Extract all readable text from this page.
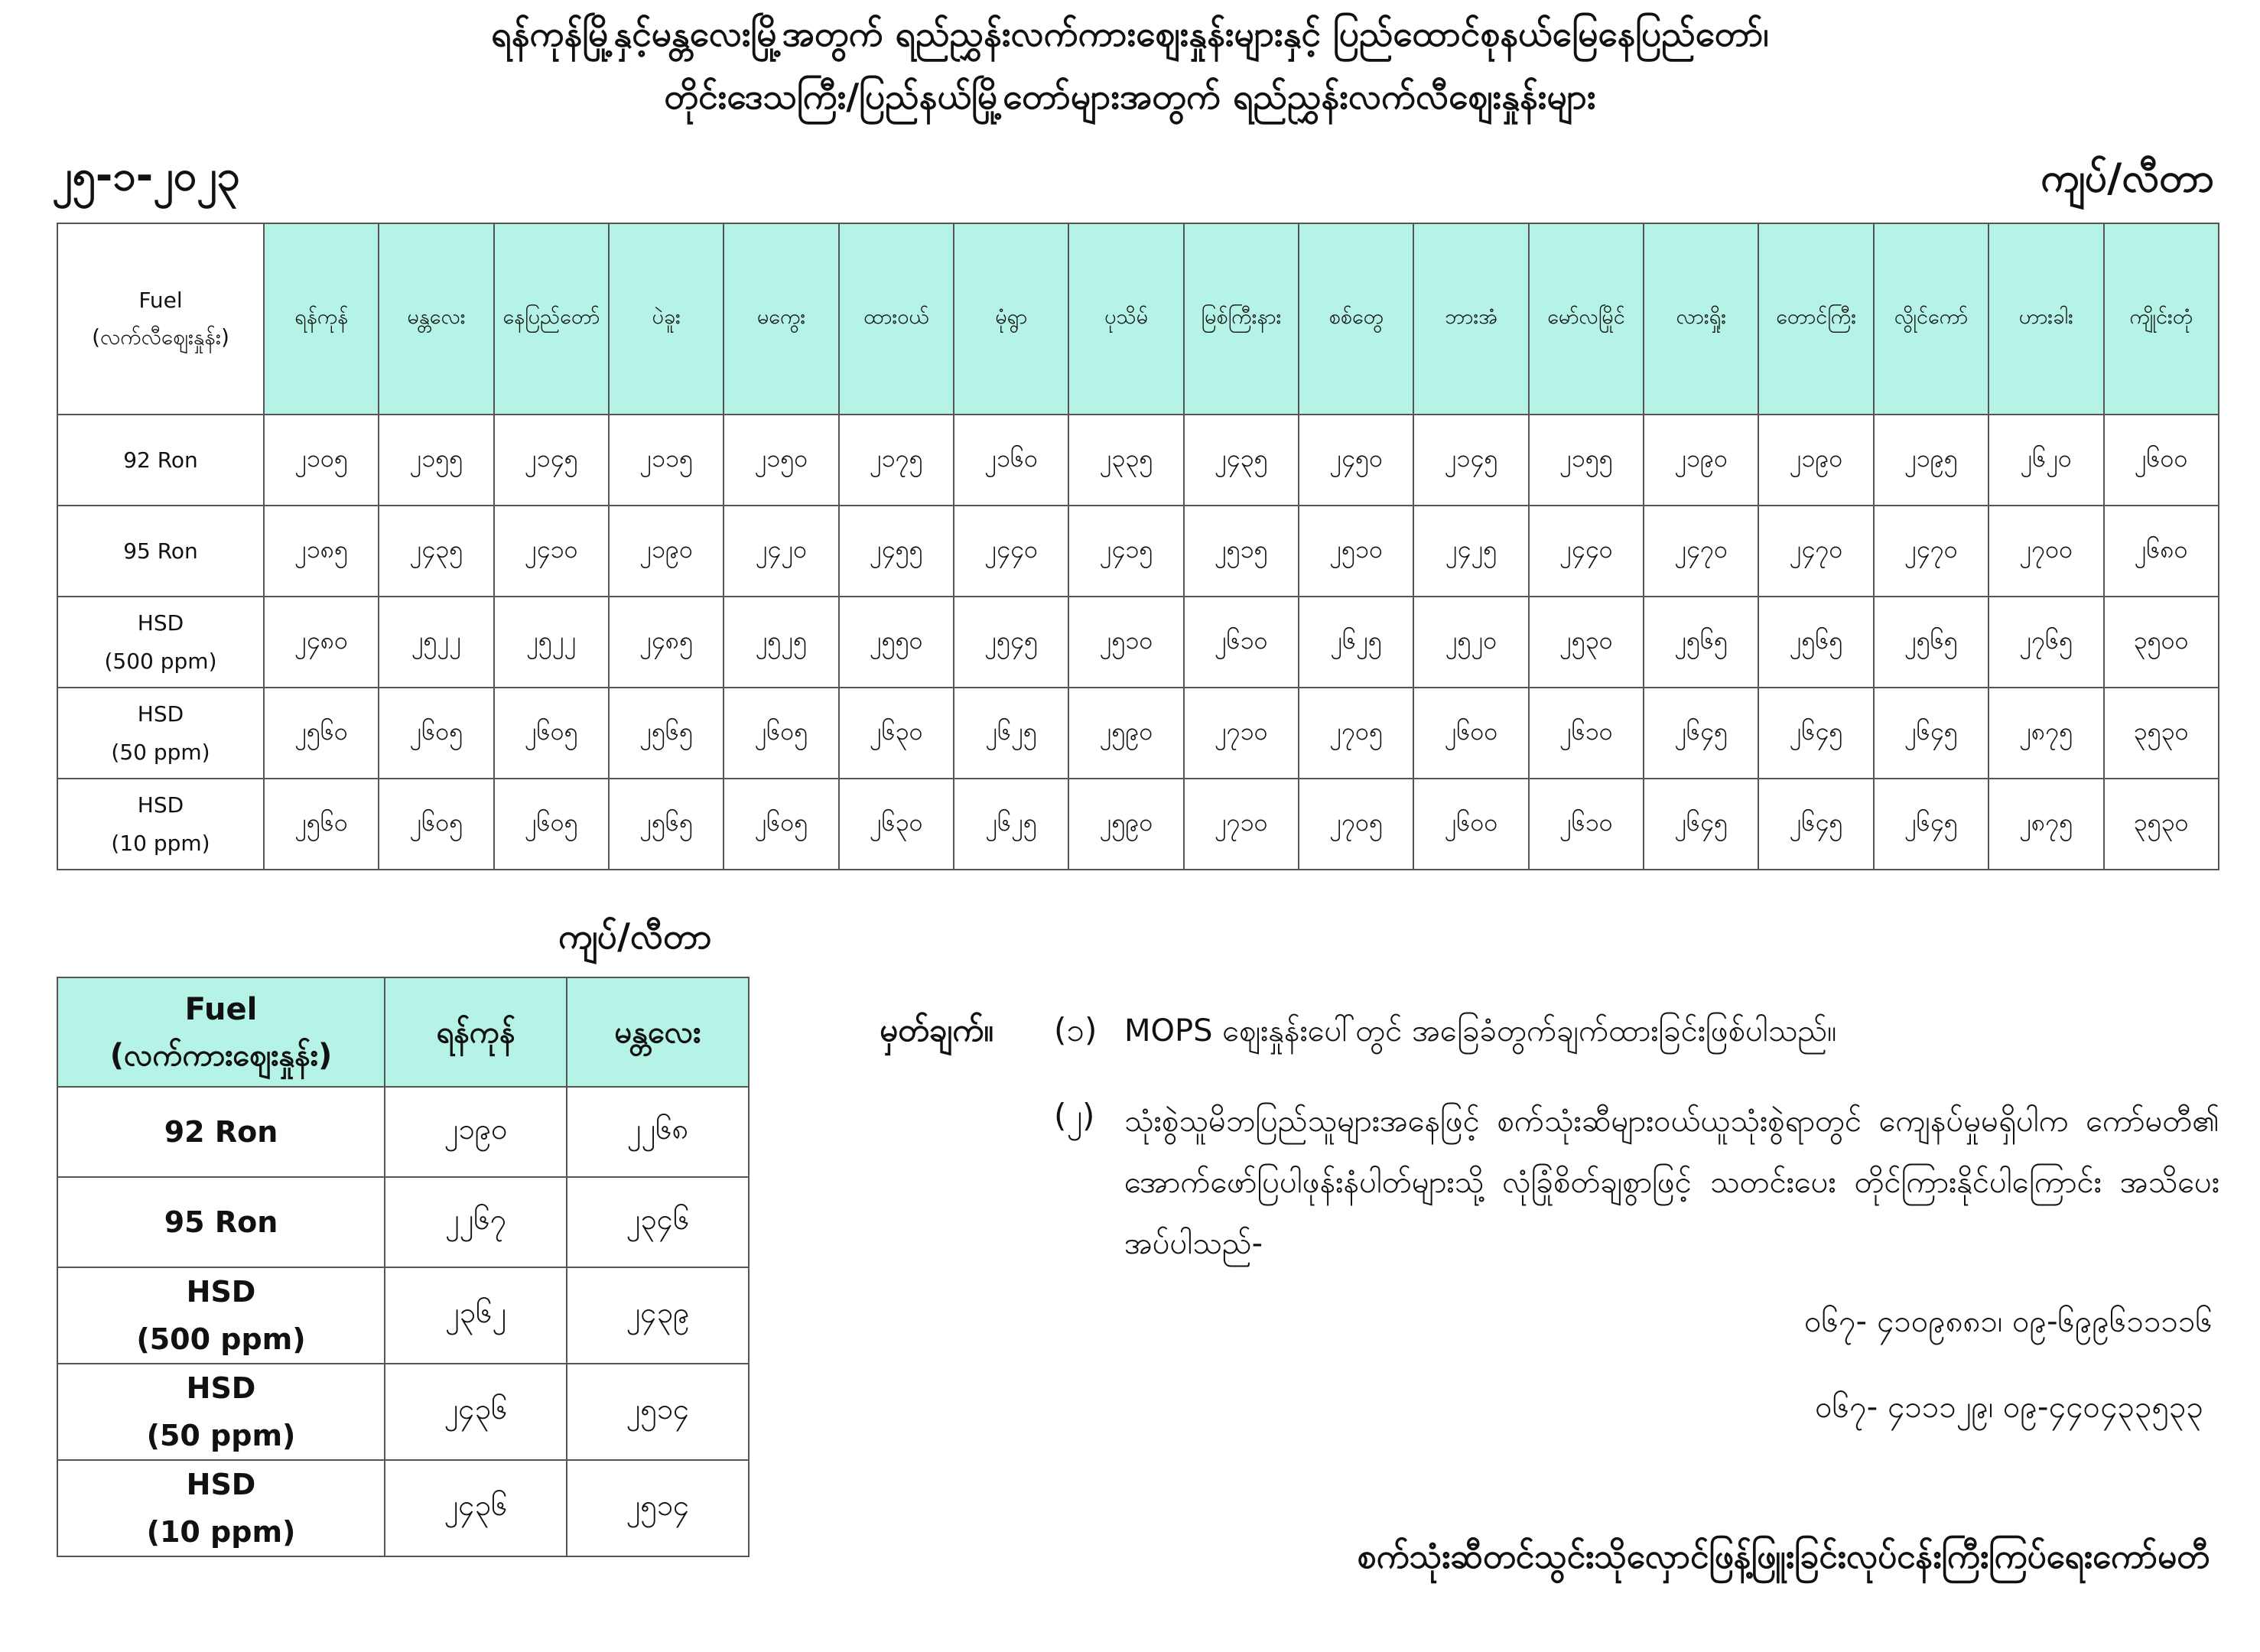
ရန်ကုန်မြို့နှင့်မန္တလေးမြို့အတွက် ရည်ညွှန်းလက်ကားဈေးနှုန်းများနှင့် ပြည်ထောင်စုနယ်မြေနေပြည်တော်၊
တိုင်းဒေသကြီး/ပြည်နယ်မြို့တော်များအတွက် ရည်ညွှန်းလက်လီဈေးနှုန်းများ
၂၅-၁-၂၀၂၃	ကျပ်/လီတာ
Fuel
(လက်လီဈေးနှုန်း)	ရန်ကုန်	မန္တလေး	နေပြည်တော်	ပဲခူး	မကွေး	ထားဝယ်	မုံရွာ	ပုသိမ်	မြစ်ကြီးနား	စစ်တွေ	ဘားအံ	မော်လမြိုင်	လားရှိုး	တောင်ကြီး	လွိုင်ကော်	ဟားခါး	ကျိုင်းတုံ

92 Ron	၂၁၀၅	၂၁၅၅	၂၁၄၅	၂၁၁၅	၂၁၅၀	၂၁၇၅	၂၁၆၀	၂၃၃၅	၂၄၃၅	၂၄၅၀	၂၁၄၅	၂၁၅၅	၂၁၉၀	၂၁၉၀	၂၁၉၅	၂၆၂၀	၂၆၀၀

95 Ron	၂၁၈၅	၂၄၃၅	၂၄၁၀	၂၁၉၀	၂၄၂၀	၂၄၅၅	၂၄၄၀	၂၄၁၅	၂၅၁၅	၂၅၁၀	၂၄၂၅	၂၄၄၀	၂၄၇၀	၂၄၇၀	၂၄၇၀	၂၇၀၀	၂၆၈၀

HSD
(500 ppm)	၂၄၈၀	၂၅၂၂	၂၅၂၂	၂၄၈၅	၂၅၂၅	၂၅၅၀	၂၅၄၅	၂၅၁၀	၂၆၁၀	၂၆၂၅	၂၅၂၀	၂၅၃၀	၂၅၆၅	၂၅၆၅	၂၅၆၅	၂၇၆၅	၃၅၀၀

HSD
(50 ppm)	၂၅၆၀	၂၆၀၅	၂၆၀၅	၂၅၆၅	၂၆၀၅	၂၆၃၀	၂၆၂၅	၂၅၉၀	၂၇၁၀	၂၇၀၅	၂၆၀၀	၂၆၁၀	၂၆၄၅	၂၆၄၅	၂၆၄၅	၂၈၇၅	၃၅၃၀

HSD
(10 ppm)	၂၅၆၀	၂၆၀၅	၂၆၀၅	၂၅၆၅	၂၆၀၅	၂၆၃၀	၂၆၂၅	၂၅၉၀	၂၇၁၀	၂၇၀၅	၂၆၀၀	၂၆၁၀	၂၆၄၅	၂၆၄၅	၂၆၄၅	၂၈၇၅	၃၅၃၀
ကျပ်/လီတာ
Fuel
(လက်ကားဈေးနှုန်း)	ရန်ကုန်	မန္တလေး

92 Ron	၂၁၉၀	၂၂၆၈

95 Ron	၂၂၆၇	၂၃၄၆

HSD
(500 ppm)	၂၃၆၂	၂၄၃၉

HSD
(50 ppm)	၂၄၃၆	၂၅၁၄

HSD
(10 ppm)	၂၄၃၆	၂၅၁၄
မှတ်ချက်။ (၁) MOPS ဈေးနှုန်းပေါ်တွင် အခြေခံတွက်ချက်ထားခြင်းဖြစ်ပါသည်။
(၂) သုံးစွဲသူမိဘပြည်သူများအနေဖြင့် စက်သုံးဆီများဝယ်ယူသုံးစွဲရာတွင် ကျေနပ်မှုမရှိပါက ကော်မတီ၏ အောက်ဖော်ပြပါဖုန်းနံပါတ်များသို့ လုံခြုံစိတ်ချစွာဖြင့် သတင်းပေး တိုင်ကြားနိုင်ပါကြောင်း အသိပေးအပ်ပါသည်-
၀၆၇- ၄၁၀၉၈၈၁၊ ၀၉-၆၉၉၆၁၁၁၁၆
၀၆၇- ၄၁၁၁၂၉၊ ၀၉-၄၄၀၄၃၃၅၃၃
စက်သုံးဆီတင်သွင်းသိုလှောင်ဖြန့်ဖြူးခြင်းလုပ်ငန်းကြီးကြပ်ရေးကော်မတီ
